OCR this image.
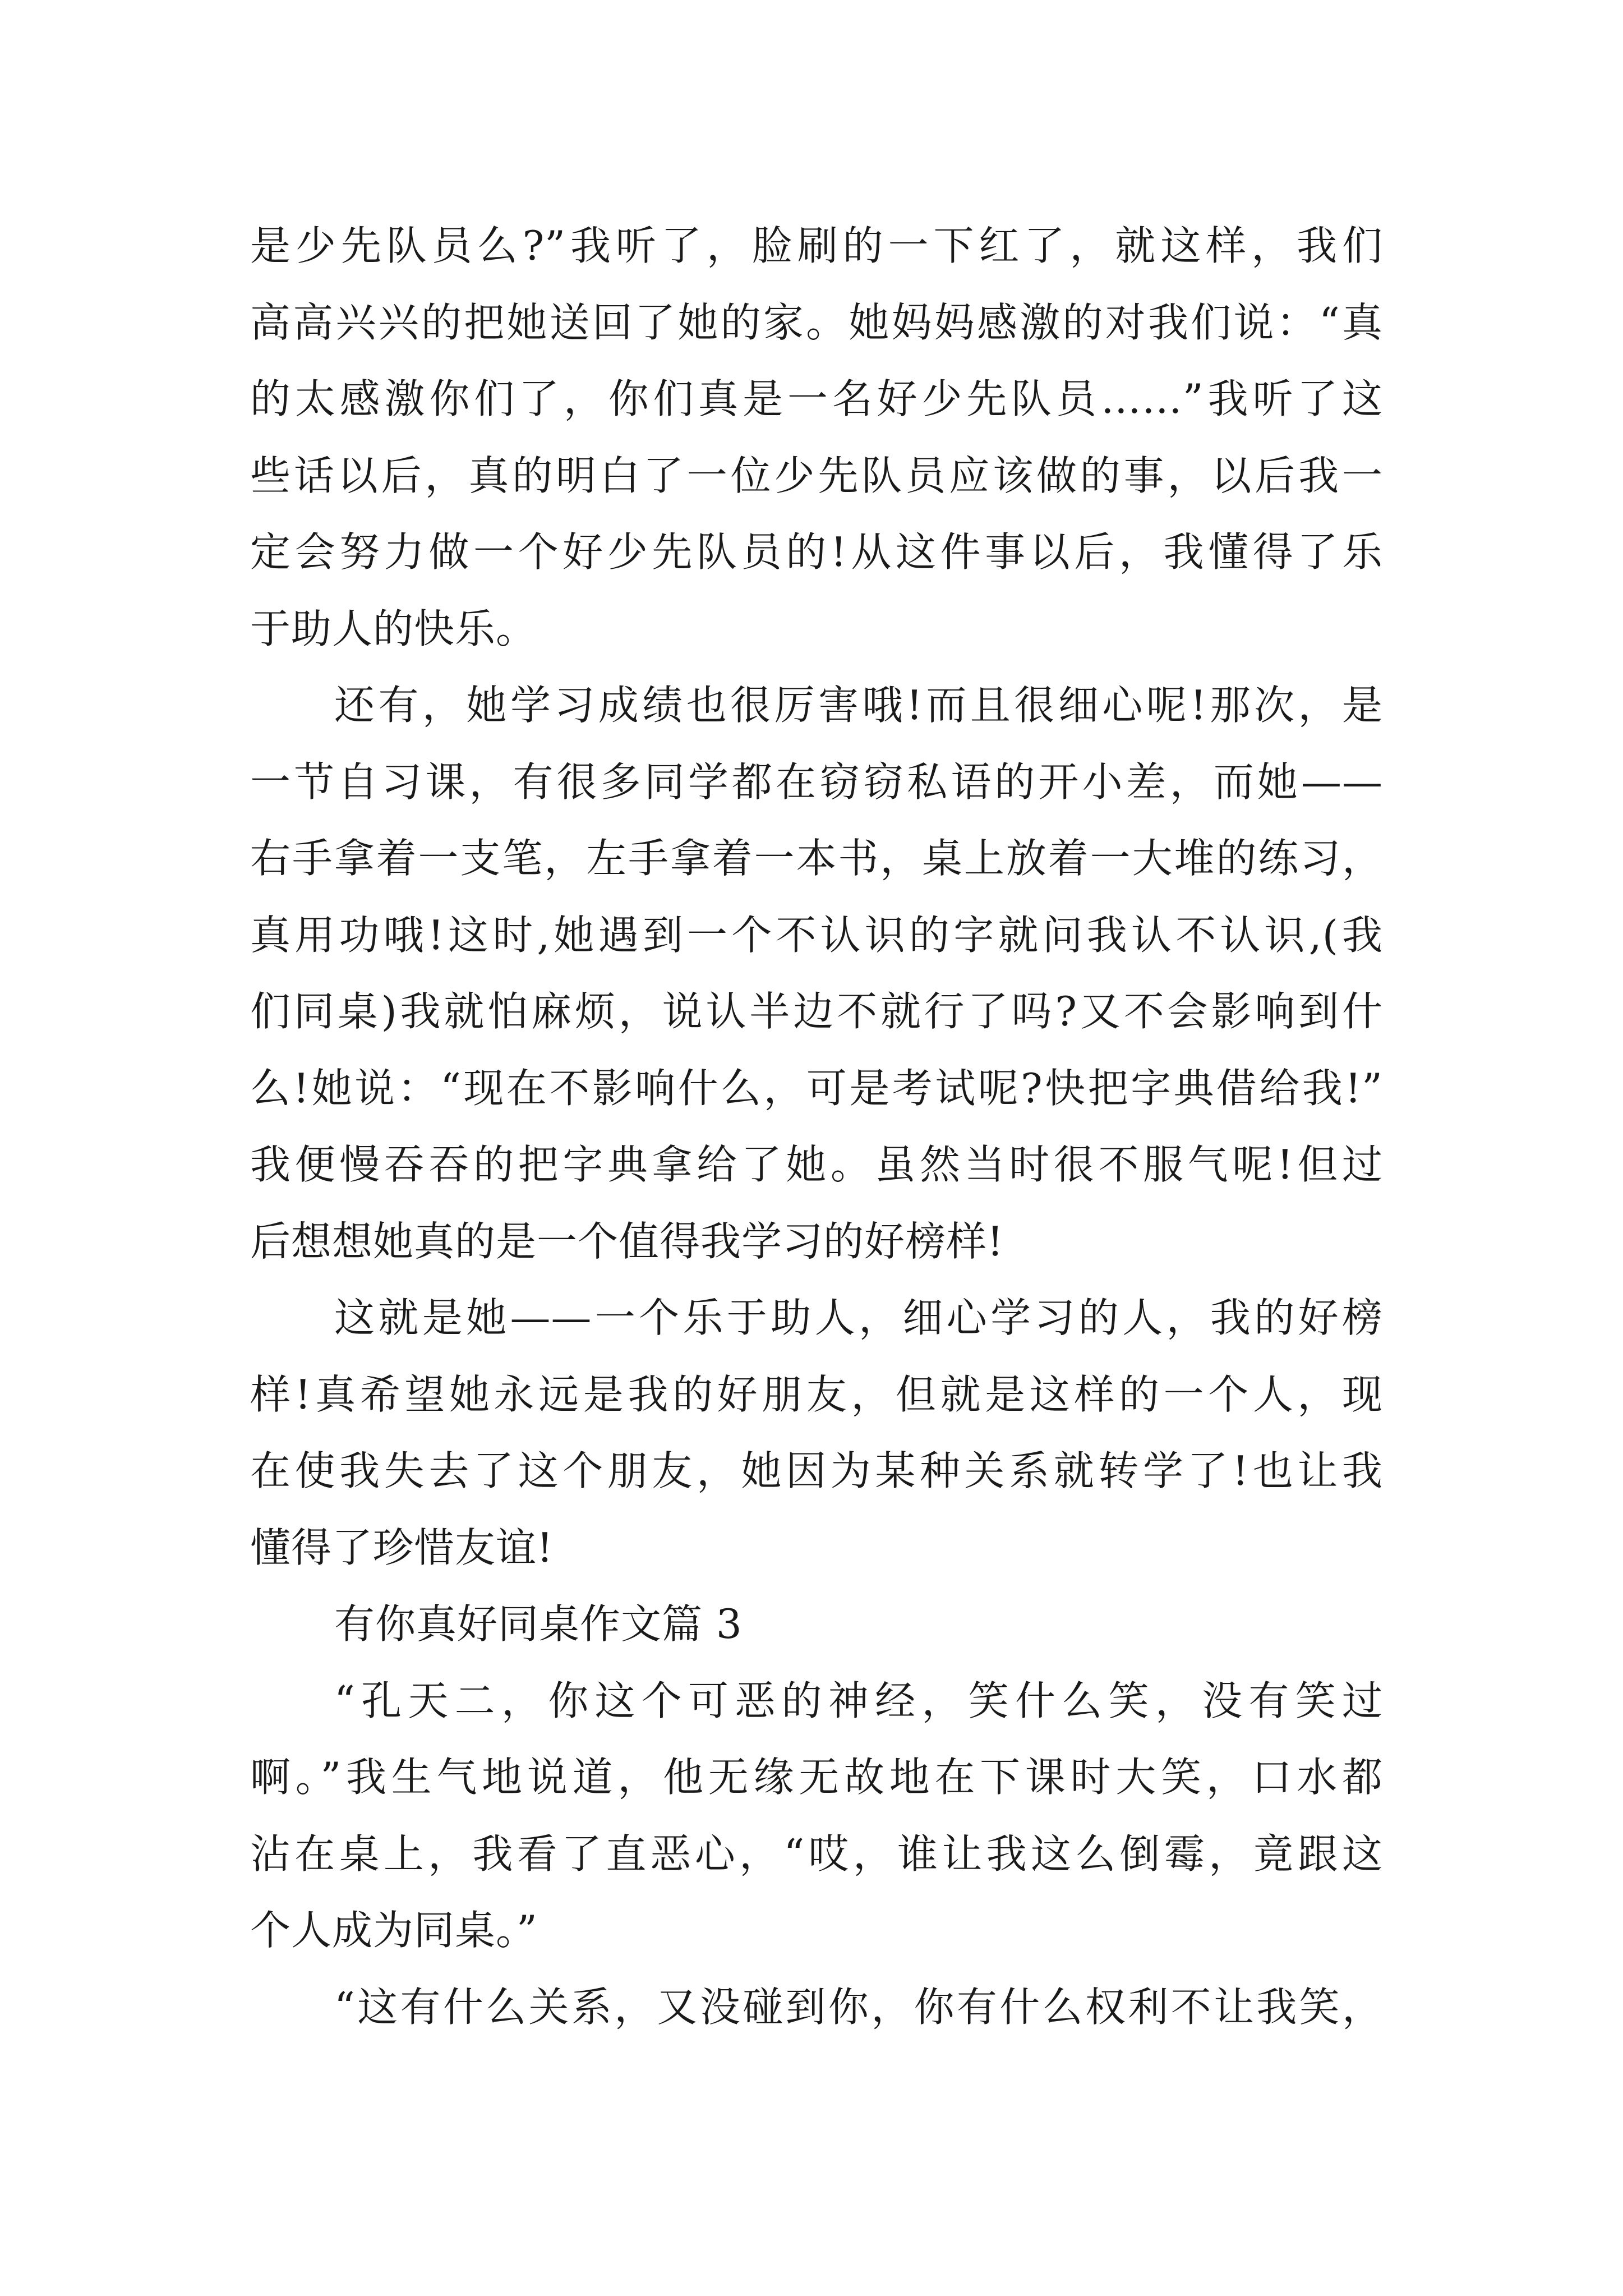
是少先队员么?”我听了，脸刷的一下红了，就这样，我们
高高兴兴的把她送回了她的家。她妈妈感激的对我们说：“真
的太感激你们了，你们真是一名好少先队员……”我听了这
些话以后，真的明白了一位少先队员应该做的事，以后我一
定会努力做一个好少先队员的!从这件事以后，我懂得了乐
于助人的快乐。
还有，她学习成绩也很厉害哦!而且很细心呢!那次，是
一节自习课，有很多同学都在窃窃私语的开小差，而她——
右手拿着一支笔，左手拿着一本书，桌上放着一大堆的练习，
真用功哦!这时,她遇到一个不认识的字就问我认不认识,(我
们同桌)我就怕麻烦，说认半边不就行了吗?又不会影响到什
么!她说：“现在不影响什么，可是考试呢?快把字典借给我!”
我便慢吞吞的把字典拿给了她。虽然当时很不服气呢!但过
后想想她真的是一个值得我学习的好榜样!
这就是她——一个乐于助人，细心学习的人，我的好榜
样!真希望她永远是我的好朋友，但就是这样的一个人，现
在使我失去了这个朋友，她因为某种关系就转学了!也让我
懂得了珍惜友谊!
有你真好同桌作文篇 3
“孔天二，你这个可恶的神经，笑什么笑，没有笑过
啊。”我生气地说道，他无缘无故地在下课时大笑，口水都
沾在桌上，我看了直恶心，“哎，谁让我这么倒霉，竟跟这
个人成为同桌。”
“这有什么关系，又没碰到你，你有什么权利不让我笑，
